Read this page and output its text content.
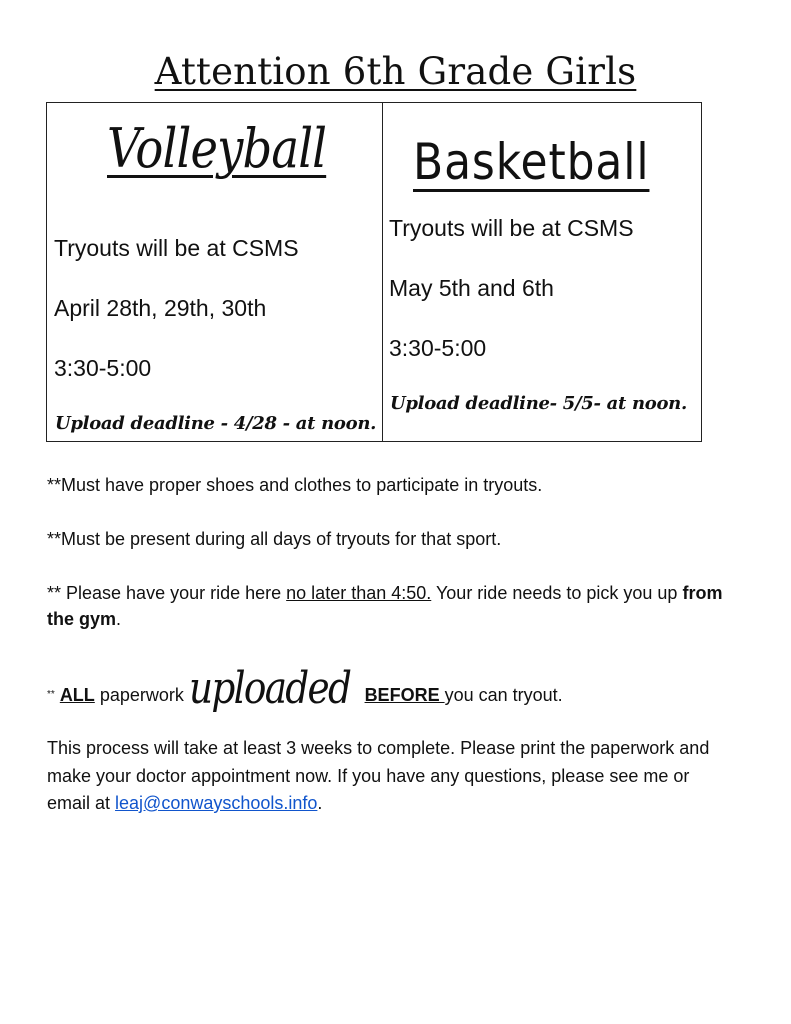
Attention 6th Grade Girls
Volleyball
Tryouts will be at CSMS
April 28th, 29th, 30th
3:30-5:00
Upload deadline - 4/28 - at noon.
Basketball
Tryouts will be at CSMS
May 5th and 6th
3:30-5:00
Upload deadline- 5/5- at noon.
**Must have proper shoes and clothes to participate in tryouts.
**Must be present during all days of tryouts for that sport.
** Please have your ride here no later than 4:50. Your ride needs to pick you up from the gym.
** ALL paperwork uploaded BEFORE you can tryout.
This process will take at least 3 weeks to complete. Please print the paperwork and make your doctor appointment now. If you have any questions, please see me or email at leaj@conwayschools.info.
